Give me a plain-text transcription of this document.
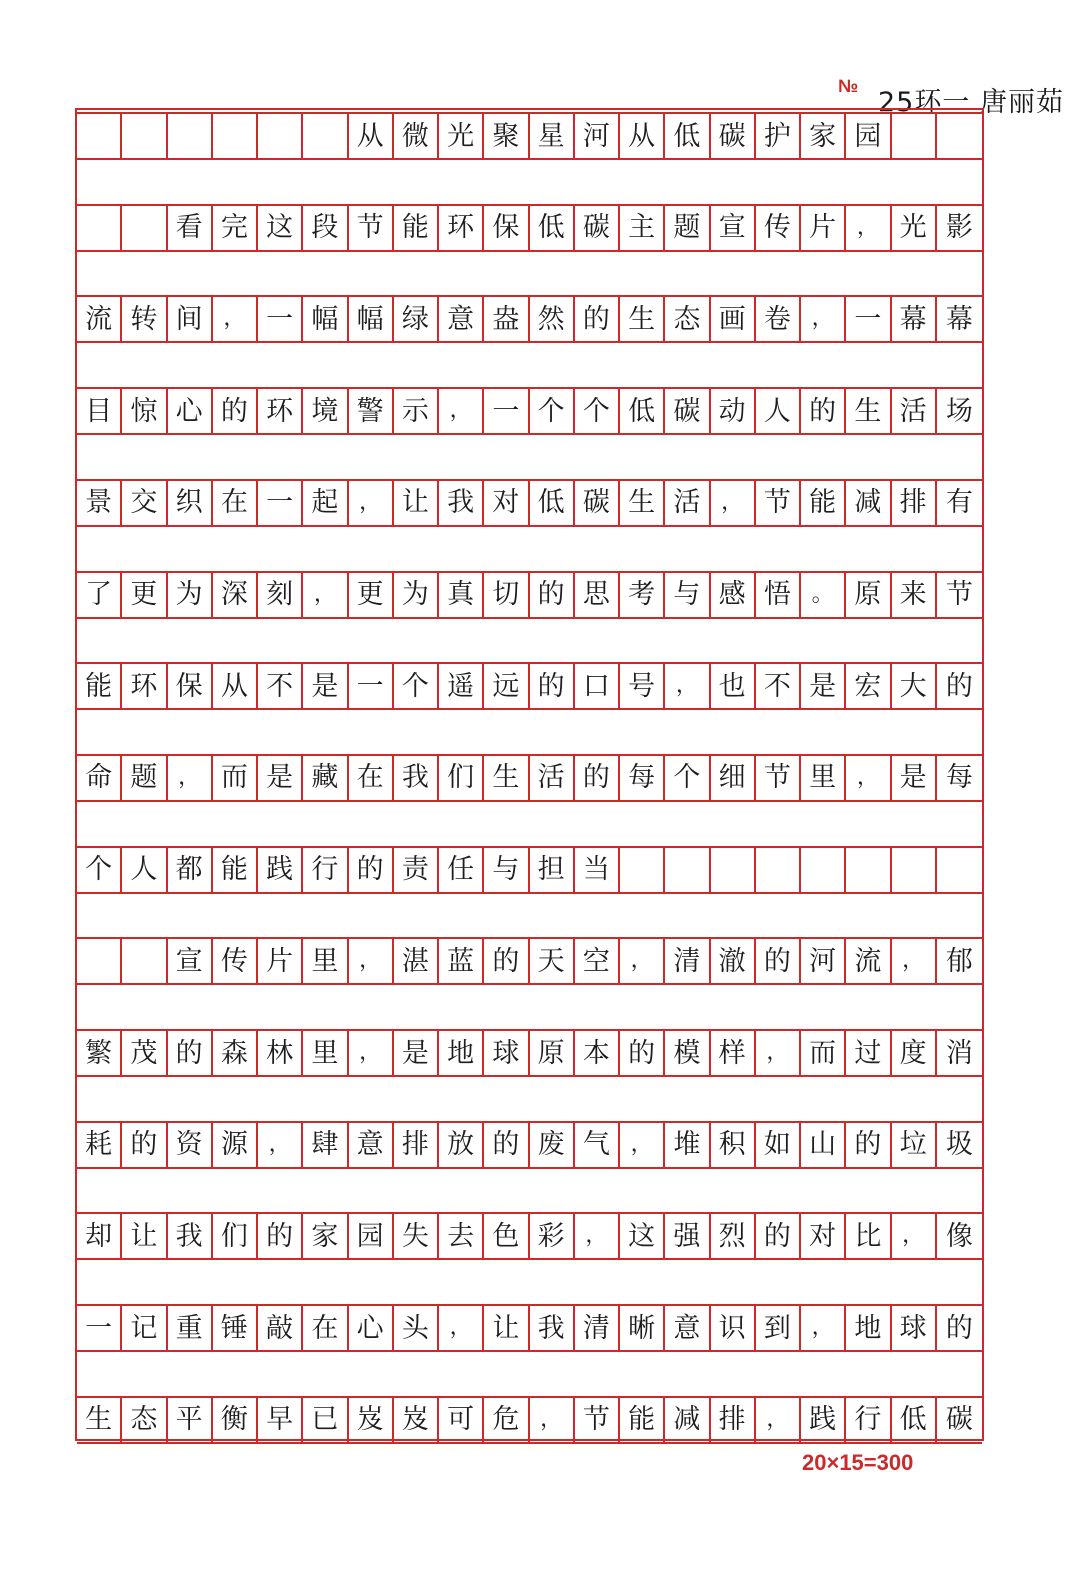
№
25环一 唐丽茹
从 微 光 聚 星 河 从 低 碳 护 家 园
看 完 这 段 节 能 环 保 低 碳 主 题 宣 传 片 ， 光 影
流 转 间 ， 一 幅 幅 绿 意 盎 然 的 生 态 画 卷 ， 一 幕 幕
目 惊 心 的 环 境 警 示 ， 一 个 个 低 碳 动 人 的 生 活 场
景 交 织 在 一 起 ， 让 我 对 低 碳 生 活 ， 节 能 减 排 有
了 更 为 深 刻 ， 更 为 真 切 的 思 考 与 感 悟 。 原 来 节
能 环 保 从 不 是 一 个 遥 远 的 口 号 ， 也 不 是 宏 大 的
命 题 ， 而 是 藏 在 我 们 生 活 的 每 个 细 节 里 ， 是 每
个 人 都 能 践 行 的 责 任 与 担 当
宣 传 片 里 ， 湛 蓝 的 天 空 ， 清 澈 的 河 流 ， 郁
繁 茂 的 森 林 里 ， 是 地 球 原 本 的 模 样 ， 而 过 度 消
耗 的 资 源 ， 肆 意 排 放 的 废 气 ， 堆 积 如 山 的 垃 圾
却 让 我 们 的 家 园 失 去 色 彩 ， 这 强 烈 的 对 比 ， 像
一 记 重 锤 敲 在 心 头 ， 让 我 清 晰 意 识 到 ， 地 球 的
生 态 平 衡 早 已 岌 岌 可 危 ， 节 能 减 排 ， 践 行 低 碳
20×15=300
